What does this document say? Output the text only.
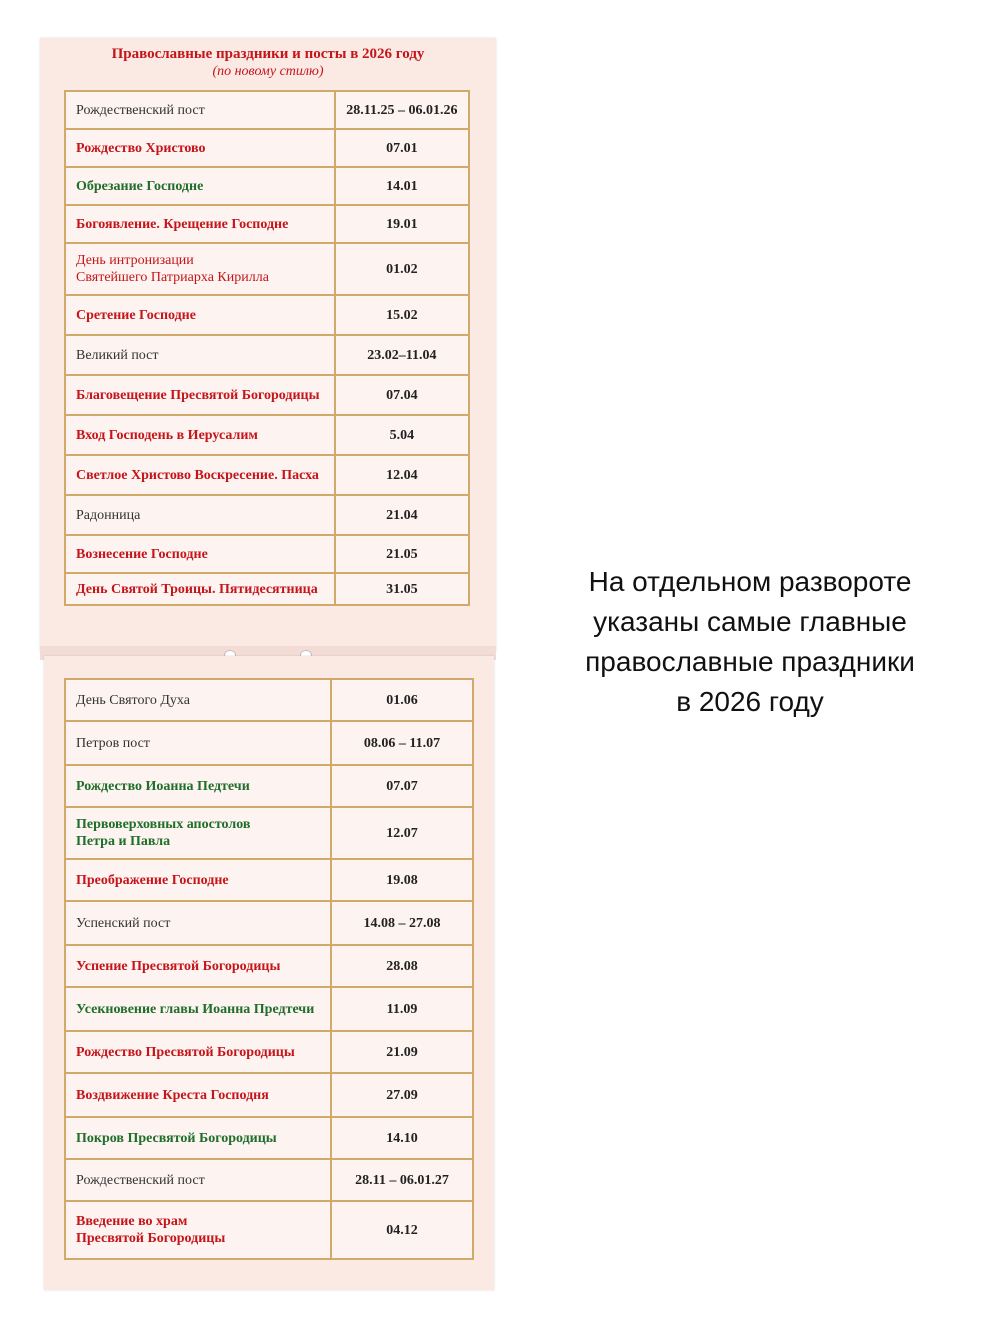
Православные праздники и посты в 2026 году
(по новому стилю)
Рождественский пост	28.11.25 – 06.01.26
Рождество Христово	07.01
Обрезание Господне	14.01
Богоявление. Крещение Господне	19.01

День интронизации
Святейшего Патриарха Кирилла	01.02
Сретение Господне	15.02
Великий пост	23.02–11.04
Благовещение Пресвятой Богородицы	07.04
Вход Господень в Иерусалим	5.04
Светлое Христово Воскресение. Пасха	12.04
Радонница	21.04
Вознесение Господне	21.05
День Святой Троицы. Пятидесятница	31.05
День Святого Духа	01.06
Петров пост	08.06 – 11.07
Рождество Иоанна Педтечи	07.07

Первоверховных апостолов
Петра и Павла	12.07
Преображение Господне	19.08
Успенский пост	14.08 – 27.08
Успение Пресвятой Богородицы	28.08
Усекновение главы Иоанна Предтечи	11.09
Рождество Пресвятой Богородицы	21.09
Воздвижение Креста Господня	27.09
Покров Пресвятой Богородицы	14.10
Рождественский пост	28.11 – 06.01.27

Введение во храм
Пресвятой Богородицы	04.12
На отдельном развороте
указаны самые главные
православные праздники
в 2026 году
